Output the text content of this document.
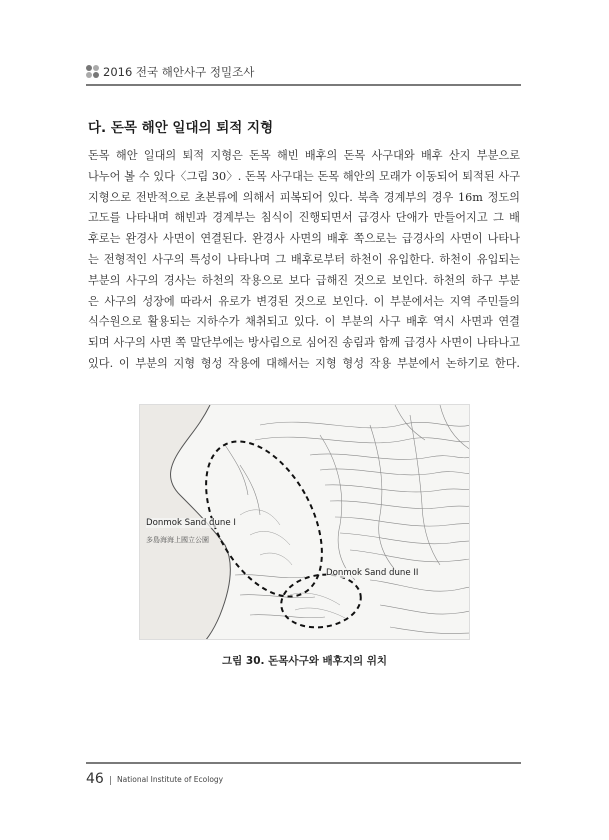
2016 전국 해안사구 정밀조사
다. 돈목 해안 일대의 퇴적 지형
돈목 해안 일대의 퇴적 지형은 돈목 해빈 배후의 돈목 사구대와 배후 산지 부분으로
나누어 볼 수 있다〈그림 30〉. 돈목 사구대는 돈목 해안의 모래가 이동되어 퇴적된 사구
지형으로 전반적으로 초본류에 의해서 피복되어 있다. 북측 경계부의 경우 16m 정도의
고도를 나타내며 해빈과 경계부는 침식이 진행되면서 급경사 단애가 만들어지고 그 배
후로는 완경사 사면이 연결된다. 완경사 사면의 배후 쪽으로는 급경사의 사면이 나타나
는 전형적인 사구의 특성이 나타나며 그 배후로부터 하천이 유입한다. 하천이 유입되는
부분의 사구의 경사는 하천의 작용으로 보다 급해진 것으로 보인다. 하천의 하구 부분
은 사구의 성장에 따라서 유로가 변경된 것으로 보인다. 이 부분에서는 지역 주민들의
식수원으로 활용되는 지하수가 채취되고 있다. 이 부분의 사구 배후 역시 사면과 연결
되며 사구의 사면 쪽 말단부에는 방사림으로 심어진 송림과 함께 급경사 사면이 나타나고
있다. 이 부분의 지형 형성 작용에 대해서는 지형 형성 작용 부분에서 논하기로 한다.
Donmok Sand dune I
多島海海上國立公園
Donmok Sand dune II
그림 30. 돈목사구와 배후지의 위치
46 National Institute of Ecology
